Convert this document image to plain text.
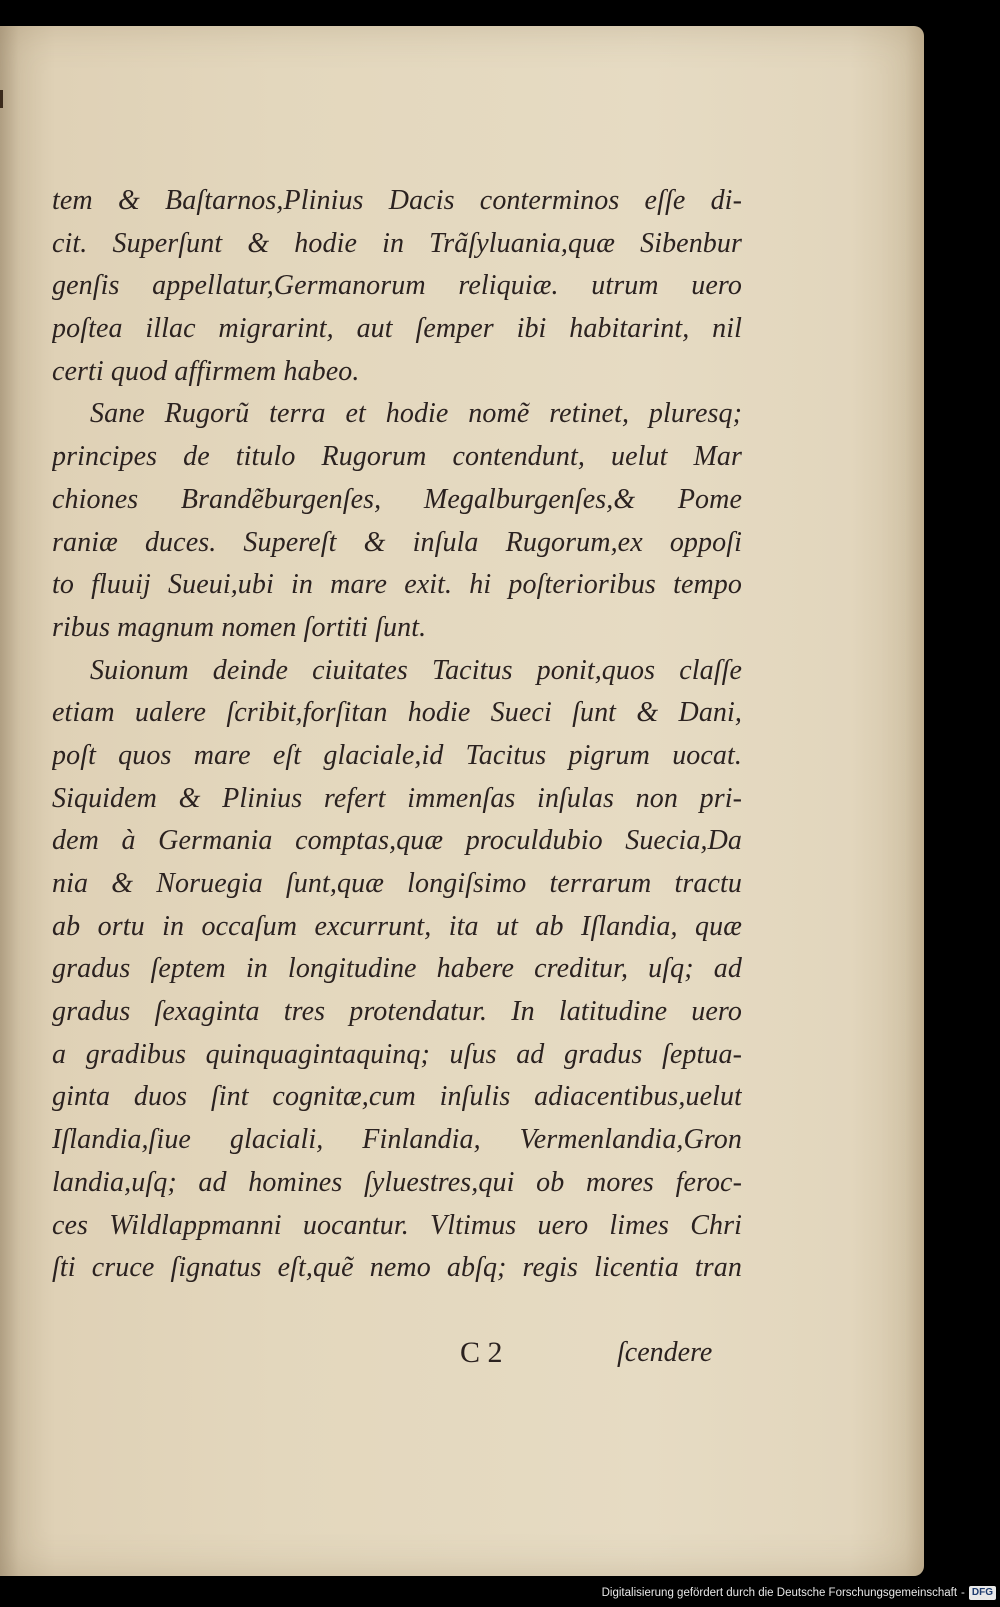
tem & Baſtarnos,Plinius Dacis conterminos eſſe di-
cit. Superſunt & hodie in Trãſyluania,quæ Sibenbur
genſis appellatur,Germanorum reliquiæ. utrum uero
poſtea illac migrarint, aut ſemper ibi habitarint, nil
certi quod affirmem habeo.
Sane Rugorũ terra et hodie nomẽ retinet, pluresq;
principes de titulo Rugorum contendunt, uelut Mar
chiones Brandẽburgenſes, Megalburgenſes,& Pome
raniæ duces. Supereſt & inſula Rugorum,ex oppoſi
to fluuij Sueui,ubi in mare exit. hi poſterioribus tempo
ribus magnum nomen ſortiti ſunt.
Suionum deinde ciuitates Tacitus ponit,quos claſſe
etiam ualere ſcribit,forſitan hodie Sueci ſunt & Dani,
poſt quos mare eſt glaciale,id Tacitus pigrum uocat.
Siquidem & Plinius refert immenſas inſulas non pri-
dem à Germania comptas,quæ proculdubio Suecia,Da
nia & Noruegia ſunt,quæ longiſsimo terrarum tractu
ab ortu in occaſum excurrunt, ita ut ab Iſlandia, quæ
gradus ſeptem in longitudine habere creditur, uſq; ad
gradus ſexaginta tres protendatur. In latitudine uero
a gradibus quinquagintaquinq; uſus ad gradus ſeptua-
ginta duos ſint cognitæ,cum inſulis adiacentibus,uelut
Iſlandia,ſiue glaciali, Finlandia, Vermenlandia,Gron
landia,uſq; ad homines ſyluestres,qui ob mores feroc-
ces Wildlappmanni uocantur. Vltimus uero limes Chri
ſti cruce ſignatus eſt,quẽ nemo abſq; regis licentia tran
C 2	ſcendere
Digitalisierung gefördert durch die Deutsche Forschungsgemeinschaft - DFG
